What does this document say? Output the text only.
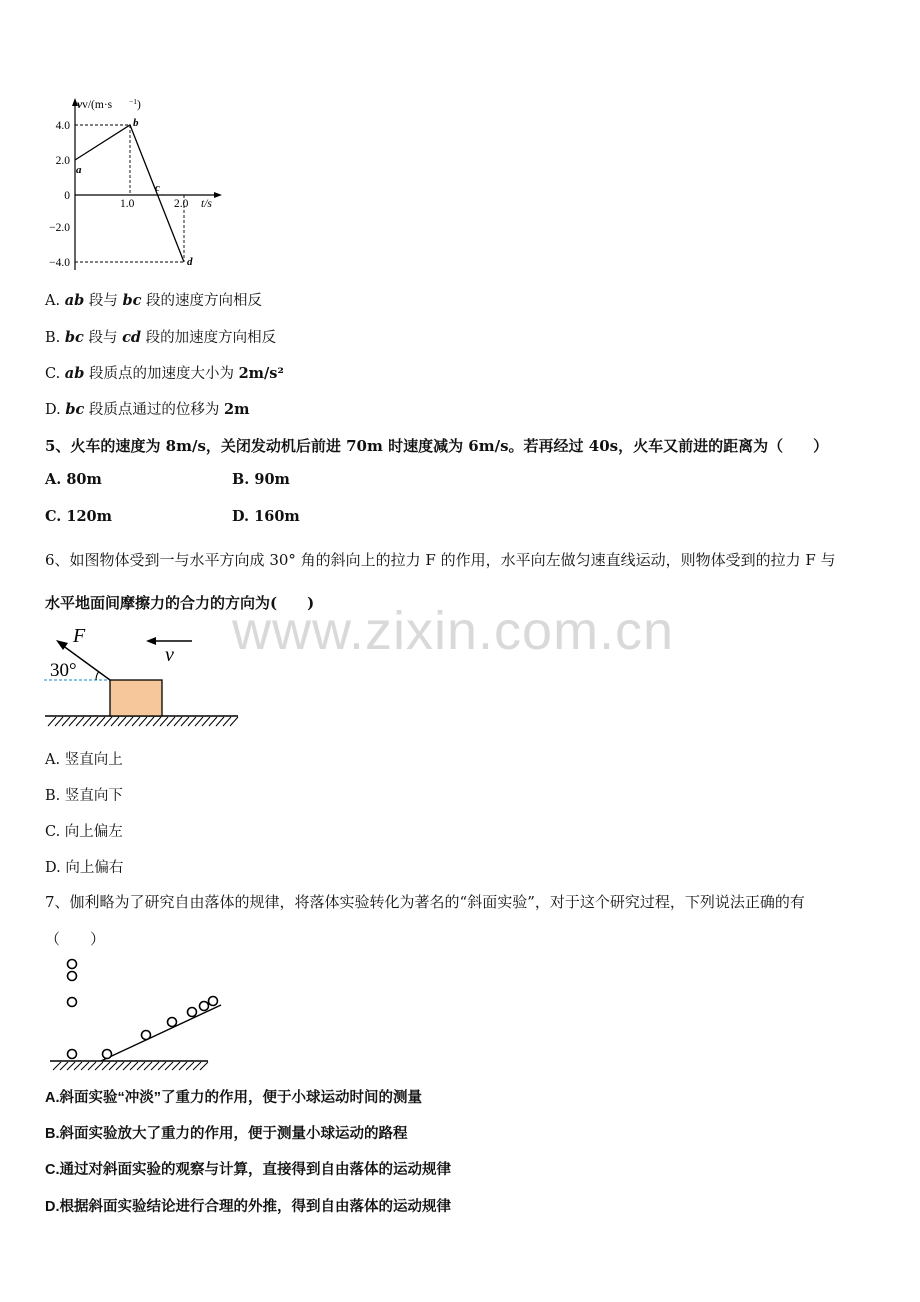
vv/(m·s −1 )
4.0
2.0
0
−2.0
−4.0
1.0	2.0 t/s
a
b
c
d
A. ab 段与 bc 段的速度方向相反
B. bc 段与 cd 段的加速度方向相反
C. ab 段质点的加速度大小为 2m/s²
D. bc 段质点通过的位移为 2m
5、火车的速度为 8m/s，关闭发动机后前进 70m 时速度减为 6m/s。若再经过 40s，火车又前进的距离为（　　）
A. 80m	B. 90m
C. 120m	D. 160m
6、如图物体受到一与水平方向成 30° 角的斜向上的拉力 F 的作用，水平向左做匀速直线运动，则物体受到的拉力 F 与
水平地面间摩擦力的合力的方向为(　　)
www.zixin.com.cn
F
30°
v
A. 竖直向上
B. 竖直向下
C. 向上偏左
D. 向上偏右
7、伽利略为了研究自由落体的规律，将落体实验转化为著名的“斜面实验”，对于这个研究过程，下列说法正确的有
（　　）
A.斜面实验“冲淡”了重力的作用，便于小球运动时间的测量
B.斜面实验放大了重力的作用，便于测量小球运动的路程
C.通过对斜面实验的观察与计算，直接得到自由落体的运动规律
D.根据斜面实验结论进行合理的外推，得到自由落体的运动规律
